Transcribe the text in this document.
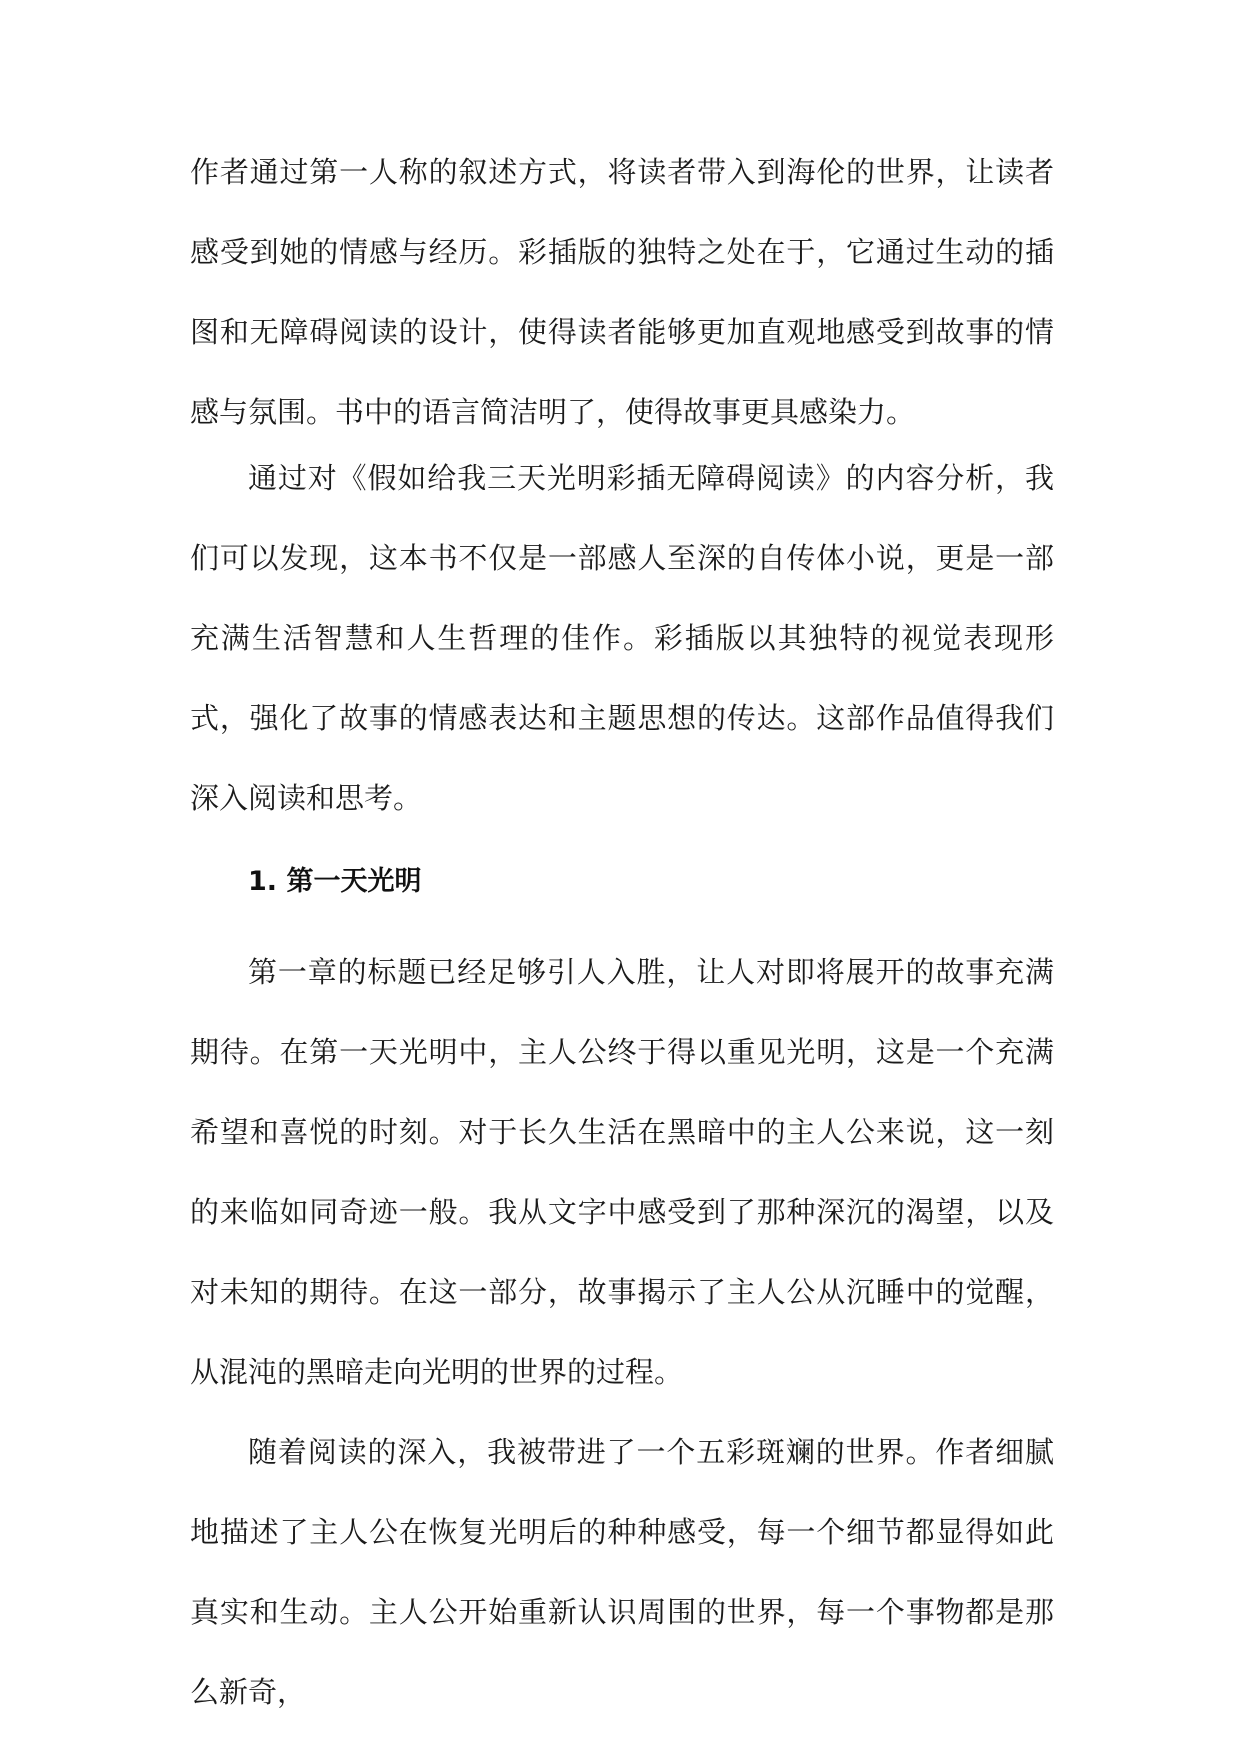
作者通过第一人称的叙述方式，将读者带入到海伦的世界，让读者感受到她的情感与经历。彩插版的独特之处在于，它通过生动的插图和无障碍阅读的设计，使得读者能够更加直观地感受到故事的情感与氛围。书中的语言简洁明了，使得故事更具感染力。

通过对《假如给我三天光明彩插无障碍阅读》的内容分析，我们可以发现，这本书不仅是一部感人至深的自传体小说，更是一部充满生活智慧和人生哲理的佳作。彩插版以其独特的视觉表现形式，强化了故事的情感表达和主题思想的传达。这部作品值得我们深入阅读和思考。

1. 第一天光明

第一章的标题已经足够引人入胜，让人对即将展开的故事充满期待。在第一天光明中，主人公终于得以重见光明，这是一个充满希望和喜悦的时刻。对于长久生活在黑暗中的主人公来说，这一刻的来临如同奇迹一般。我从文字中感受到了那种深沉的渴望，以及对未知的期待。在这一部分，故事揭示了主人公从沉睡中的觉醒，从混沌的黑暗走向光明的世界的过程。

随着阅读的深入，我被带进了一个五彩斑斓的世界。作者细腻地描述了主人公在恢复光明后的种种感受，每一个细节都显得如此真实和生动。主人公开始重新认识周围的世界，每一个事物都是那么新奇，
